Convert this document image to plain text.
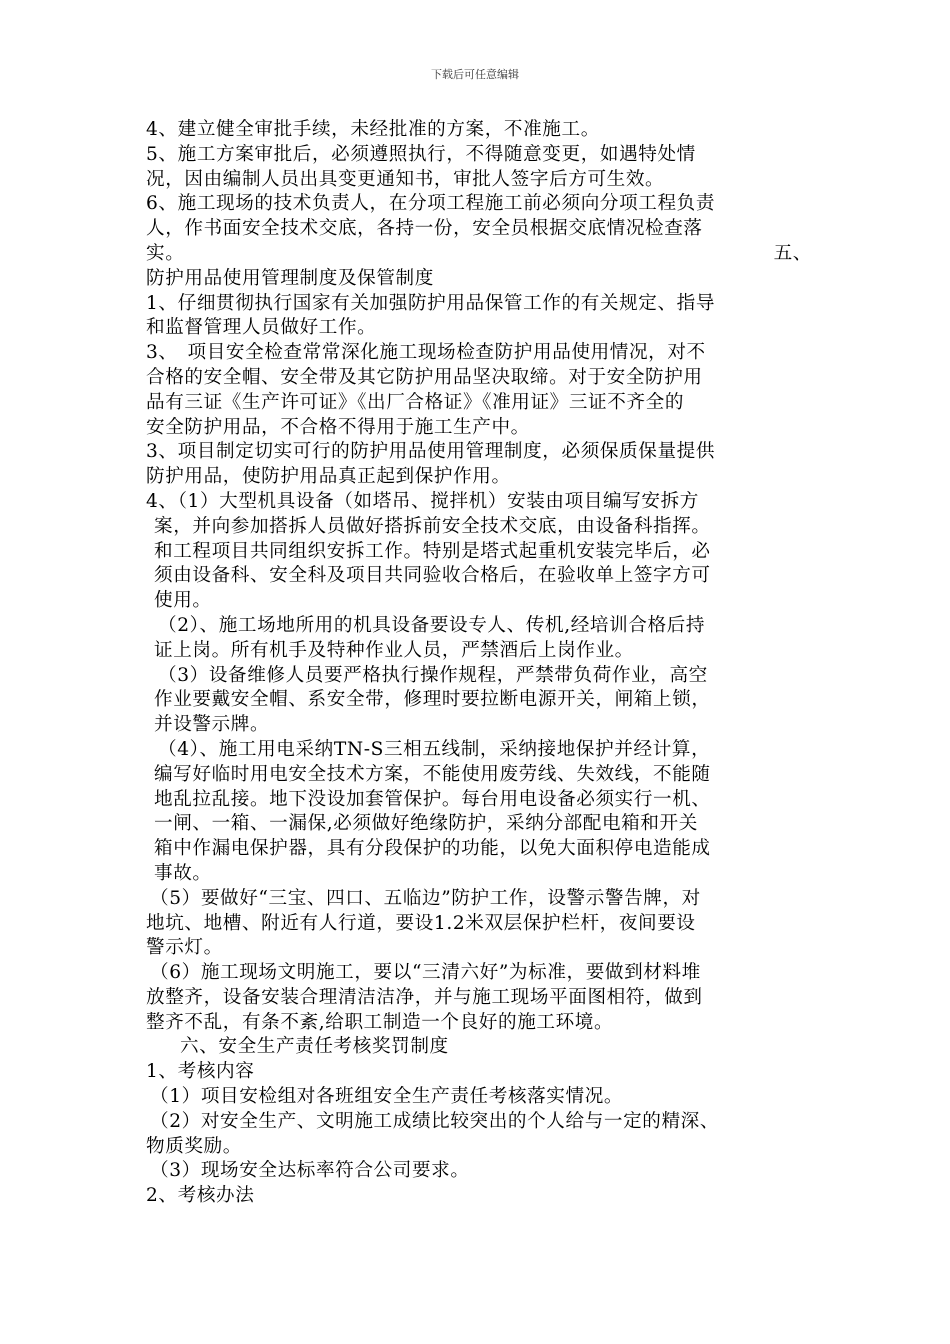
下载后可任意编辑
4、建立健全审批手续，未经批准的方案，不准施工。
5、施工方案审批后，必须遵照执行，不得随意变更，如遇特处情
况，因由编制人员出具变更通知书，审批人签字后方可生效。
6、施工现场的技术负责人，在分项工程施工前必须向分项工程负责
人，作书面安全技术交底，各持一份，安全员根据交底情况检查落
实。	五、
防护用品使用管理制度及保管制度
1、仔细贯彻执行国家有关加强防护用品保管工作的有关规定、指导
和监督管理人员做好工作。
3、　项目安全检查常常深化施工现场检查防护用品使用情况，对不
合格的安全帽、安全带及其它防护用品坚决取缔。对于安全防护用
品有三证《生产许可证》《出厂合格证》《准用证》三证不齐全的
安全防护用品，不合格不得用于施工生产中。
3、项目制定切实可行的防护用品使用管理制度，必须保质保量提供
防护用品，使防护用品真正起到保护作用。
4、（1）大型机具设备（如塔吊、搅拌机）安装由项目编写安拆方
案，并向参加搭拆人员做好搭拆前安全技术交底，由设备科指挥。
和工程项目共同组织安拆工作。特别是塔式起重机安装完毕后，必
须由设备科、安全科及项目共同验收合格后，在验收单上签字方可
使用。
（2）、施工场地所用的机具设备要设专人、传机,经培训合格后持
证上岗。所有机手及特种作业人员，严禁酒后上岗作业。
（3）设备维修人员要严格执行操作规程，严禁带负荷作业，高空
作业要戴安全帽、系安全带，修理时要拉断电源开关，闸箱上锁，
并设警示牌。
（4）、施工用电采纳TN-S三相五线制，采纳接地保护并经计算，
编写好临时用电安全技术方案，不能使用废劳线、失效线，不能随
地乱拉乱接。地下没设加套管保护。每台用电设备必须实行一机、
一闸、一箱、一漏保,必须做好绝缘防护，采纳分部配电箱和开关
箱中作漏电保护器，具有分段保护的功能，以免大面积停电造能成
事故。
（5）要做好“三宝、四口、五临边”防护工作，设警示警告牌，对
地坑、地槽、附近有人行道，要设1.2米双层保护栏杆，夜间要设
警示灯。
（6）施工现场文明施工，要以“三清六好”为标准，要做到材料堆
放整齐，设备安装合理清洁洁净，并与施工现场平面图相符，做到
整齐不乱，有条不紊,给职工制造一个良好的施工环境。
六、安全生产责任考核奖罚制度
1、考核内容
（1）项目安检组对各班组安全生产责任考核落实情况。
（2）对安全生产、文明施工成绩比较突出的个人给与一定的精深、
物质奖励。
（3）现场安全达标率符合公司要求。
2、考核办法
